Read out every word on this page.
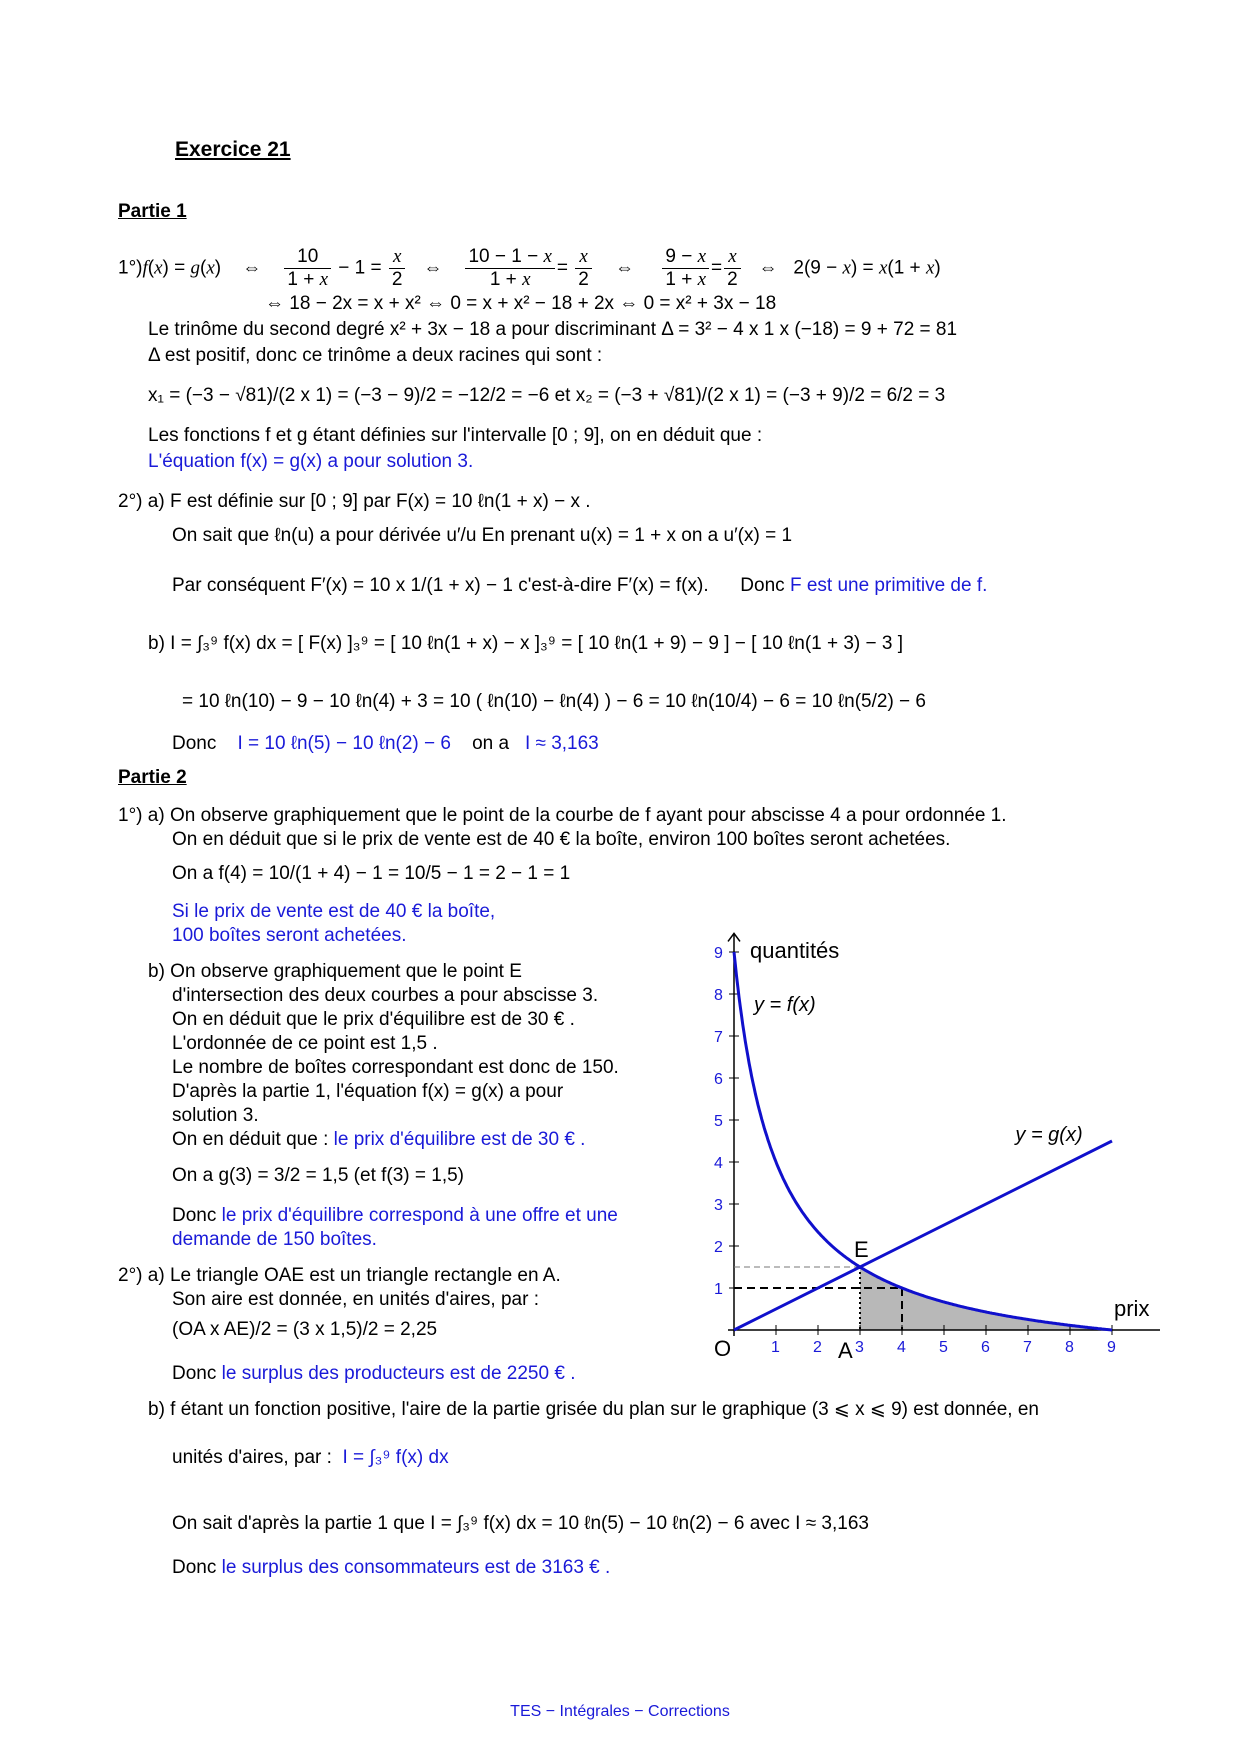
Exercice 21
Partie 1
1°)f(x) = g(x)    ⇔ $\frac{10}{1 + x} - 1 = \frac{x}{2}$ ⇔ $\frac{10 - 1 - x}{1 + x} = \frac{x}{2}$ ⇔ $\frac{9 - x}{1 + x} = \frac{x}{2}$ ⇔   2(9 − x) = x(1 + x)
⇔ 18 − 2x = x + x² ⇔ 0 = x + x² − 18 + 2x ⇔ 0 = x² + 3x − 18
Le trinôme du second degré x² + 3x − 18 a pour discriminant Δ = 3² − 4 x 1 x (−18) = 9 + 72 = 81
Δ est positif, donc ce trinôme a deux racines qui sont :
x₁ = (−3 − √81)/(2 x 1) = (−3 − 9)/2 = −12/2 = −6 et x₂ = (−3 + √81)/(2 x 1) = (−3 + 9)/2 = 6/2 = 3
Les fonctions f et g étant définies sur l'intervalle [0 ; 9], on en déduit que :
L'équation f(x) = g(x) a pour solution 3.
2°) a) F est définie sur [0 ; 9] par F(x) = 10 ℓn(1 + x) − x .
On sait que ℓn(u) a pour dérivée u′/u En prenant u(x) = 1 + x on a u′(x) = 1
Par conséquent F′(x) = 10 x 1/(1 + x) − 1 c'est-à-dire F′(x) = f(x). Donc F est une primitive de f.
b) I = ∫₃⁹ f(x) dx = [ F(x) ]₃⁹ = [ 10 ℓn(1 + x) − x ]₃⁹ = [ 10 ℓn(1 + 9) − 9 ] − [ 10 ℓn(1 + 3) − 3 ]
= 10 ℓn(10) − 9 − 10 ℓn(4) + 3 = 10 ( ℓn(10) − ℓn(4) ) − 6 = 10 ℓn(10/4) − 6 = 10 ℓn(5/2) − 6
Donc I = 10 ℓn(5) − 10 ℓn(2) − 6 on a I ≈ 3,163
Partie 2
1°) a) On observe graphiquement que le point de la courbe de f ayant pour abscisse 4 a pour ordonnée 1.
On en déduit que si le prix de vente est de 40 € la boîte, environ 100 boîtes seront achetées.
On a f(4) = 10/(1 + 4) − 1 = 10/5 − 1 = 2 − 1 = 1
Si le prix de vente est de 40 € la boîte,
100 boîtes seront achetées.
b) On observe graphiquement que le point E
d'intersection des deux courbes a pour abscisse 3.
On en déduit que le prix d'équilibre est de 30 € .
L'ordonnée de ce point est 1,5 .
Le nombre de boîtes correspondant est donc de 150.
D'après la partie 1, l'équation f(x) = g(x) a pour
solution 3.
On en déduit que : le prix d'équilibre est de 30 € .
On a g(3) = 3/2 = 1,5 (et f(3) = 1,5)
Donc le prix d'équilibre correspond à une offre et une
demande de 150 boîtes.
2°) a) Le triangle OAE est un triangle rectangle en A.
Son aire est donnée, en unités d'aires, par :
(OA x AE)/2 = (3 x 1,5)/2 = 2,25
Donc le surplus des producteurs est de 2250 € .
b) f étant un fonction positive, l'aire de la partie grisée du plan sur le graphique (3 ⩽ x ⩽ 9) est donnée, en
unités d'aires, par : I = ∫₃⁹ f(x) dx
On sait d'après la partie 1 que I = ∫₃⁹ f(x) dx = 10 ℓn(5) − 10 ℓn(2) − 6 avec I ≈ 3,163
Donc le surplus des consommateurs est de 3163 € .
1 2 3 4 5 6 7 8 9
1
2
3
4
5
6
7
8
9 quantités
prix
O
E
A
y = f(x)
y = g(x)
TES − Intégrales − Corrections
